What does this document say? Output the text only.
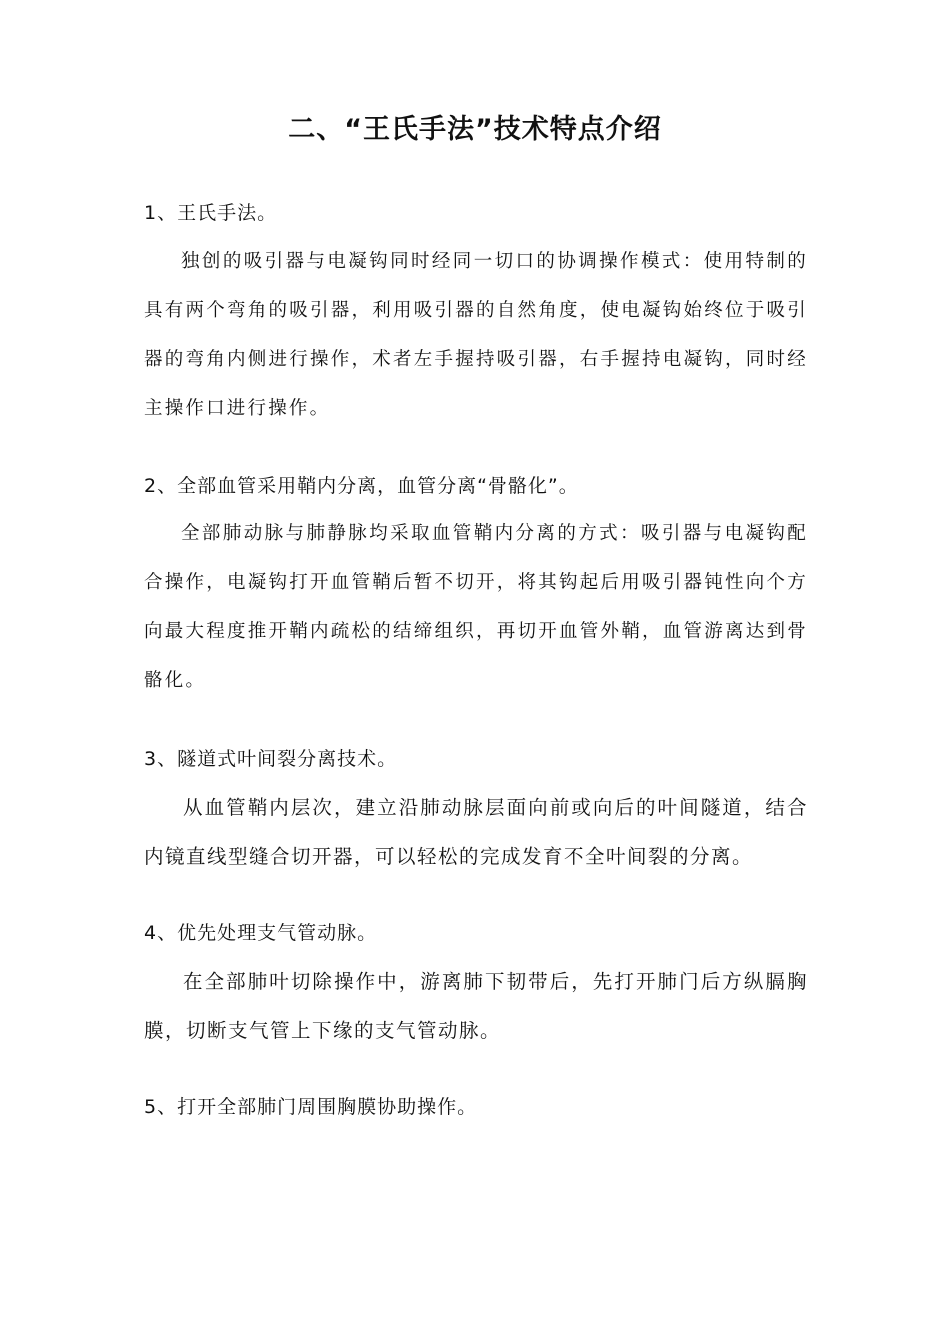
二、“王氏手法”技术特点介绍
1、王氏手法。
独创的吸引器与电凝钩同时经同一切口的协调操作模式：使用特制的具有两个弯角的吸引器，利用吸引器的自然角度，使电凝钩始终位于吸引器的弯角内侧进行操作，术者左手握持吸引器，右手握持电凝钩，同时经主操作口进行操作。
2、全部血管采用鞘内分离，血管分离“骨骼化”。
全部肺动脉与肺静脉均采取血管鞘内分离的方式：吸引器与电凝钩配合操作，电凝钩打开血管鞘后暂不切开，将其钩起后用吸引器钝性向个方向最大程度推开鞘内疏松的结缔组织，再切开血管外鞘，血管游离达到骨骼化。
3、隧道式叶间裂分离技术。
从血管鞘内层次，建立沿肺动脉层面向前或向后的叶间隧道，结合内镜直线型缝合切开器，可以轻松的完成发育不全叶间裂的分离。
4、优先处理支气管动脉。
在全部肺叶切除操作中，游离肺下韧带后，先打开肺门后方纵膈胸膜，切断支气管上下缘的支气管动脉。
5、打开全部肺门周围胸膜协助操作。
